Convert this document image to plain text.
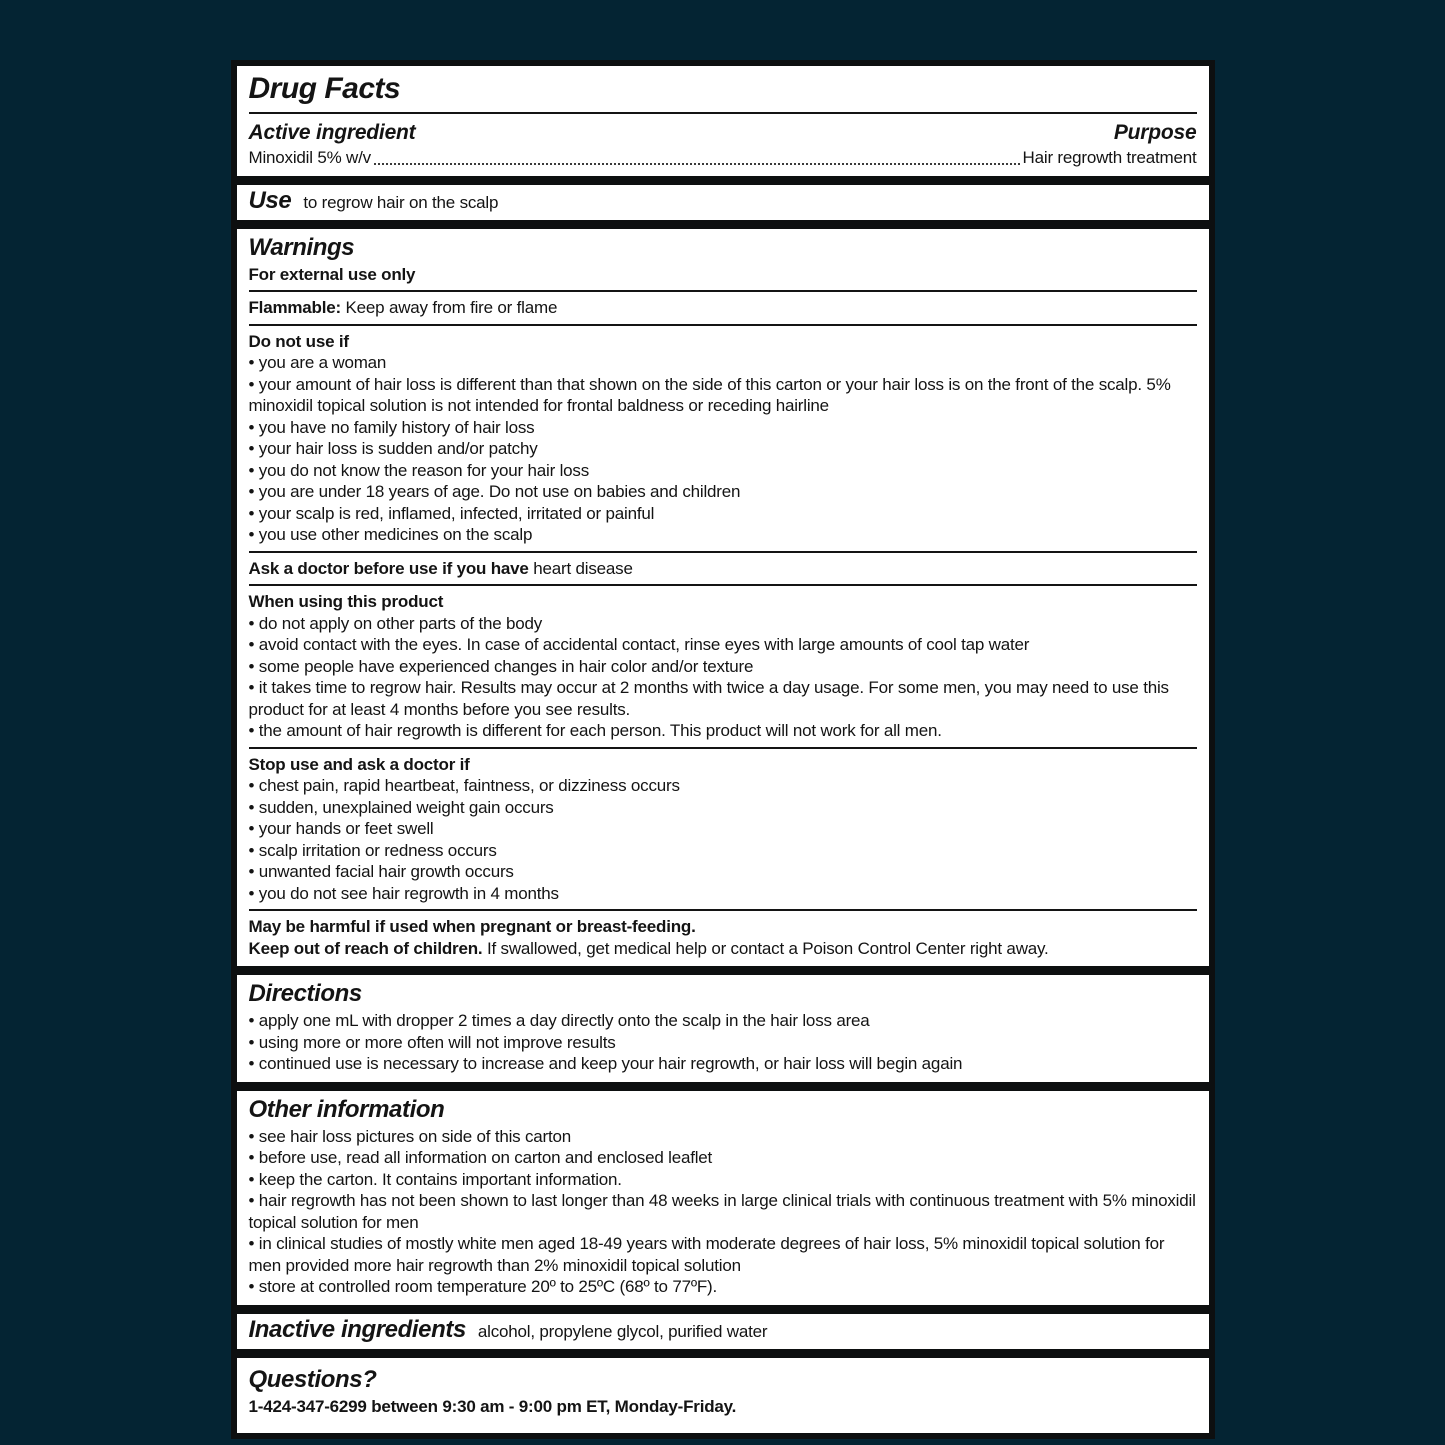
Drug Facts
Active ingredient	Purpose
Minoxidil 5% w/v	Hair regrowth treatment
Use to regrow hair on the scalp
Warnings

For external use only

Flammable: Keep away from fire or flame

Do not use if

• you are a woman
• your amount of hair loss is different than that shown on the side of this carton or your hair loss is on the front of the scalp. 5% minoxidil topical solution is not intended for frontal baldness or receding hairline
• you have no family history of hair loss
• your hair loss is sudden and/or patchy
• you do not know the reason for your hair loss
• you are under 18 years of age. Do not use on babies and children
• your scalp is red, inflamed, infected, irritated or painful
• you use other medicines on the scalp

Ask a doctor before use if you have heart disease

When using this product

• do not apply on other parts of the body
• avoid contact with the eyes. In case of accidental contact, rinse eyes with large amounts of cool tap water
• some people have experienced changes in hair color and/or texture
• it takes time to regrow hair. Results may occur at 2 months with twice a day usage. For some men, you may need to use this product for at least 4 months before you see results.
• the amount of hair regrowth is different for each person. This product will not work for all men.

Stop use and ask a doctor if

• chest pain, rapid heartbeat, faintness, or dizziness occurs
• sudden, unexplained weight gain occurs
• your hands or feet swell
• scalp irritation or redness occurs
• unwanted facial hair growth occurs
• you do not see hair regrowth in 4 months

May be harmful if used when pregnant or breast-feeding.

Keep out of reach of children. If swallowed, get medical help or contact a Poison Control Center right away.

Directions
• apply one mL with dropper 2 times a day directly onto the scalp in the hair loss area
• using more or more often will not improve results
• continued use is necessary to increase and keep your hair regrowth, or hair loss will begin again
Other information
• see hair loss pictures on side of this carton
• before use, read all information on carton and enclosed leaflet
• keep the carton. It contains important information.
• hair regrowth has not been shown to last longer than 48 weeks in large clinical trials with continuous treatment with 5% minoxidil topical solution for men
• in clinical studies of mostly white men aged 18-49 years with moderate degrees of hair loss, 5% minoxidil topical solution for men provided more hair regrowth than 2% minoxidil topical solution
• store at controlled room temperature 20º to 25ºC (68º to 77ºF).
Inactive ingredients alcohol, propylene glycol, purified water
Questions?

1-424-347-6299 between 9:30 am - 9:00 pm ET, Monday-Friday.
